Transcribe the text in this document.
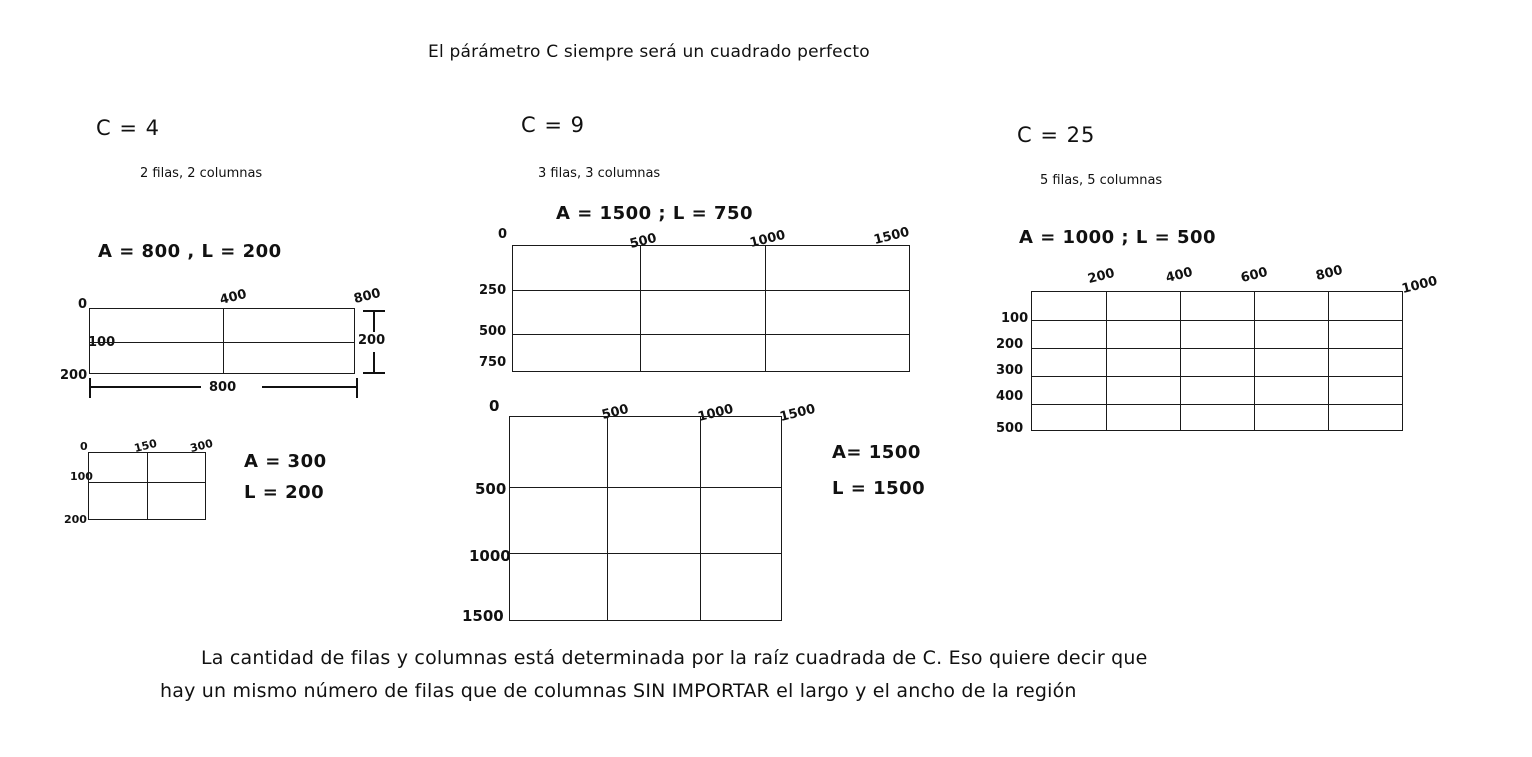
El párámetro C siempre será un cuadrado perfecto
C = 4
2 filas, 2 columnas
A = 800 , L = 200
0	400	800
100
200
800
200
0	150	300
100
200
A = 300
L = 200
C = 9
3 filas, 3 columnas
A = 1500 ; L = 750
0	500	1000	1500
250
500
750
0	500	1000	1500
500
1000
1500
A= 1500
L = 1500
C = 25
5 filas, 5 columnas
A = 1000 ; L = 500
200	400	600	800
1000
100
200
300
400
500
La cantidad de filas y columnas está determinada por la raíz cuadrada de C. Eso quiere decir que
hay un mismo número de filas que de columnas SIN IMPORTAR el largo y el ancho de la región
